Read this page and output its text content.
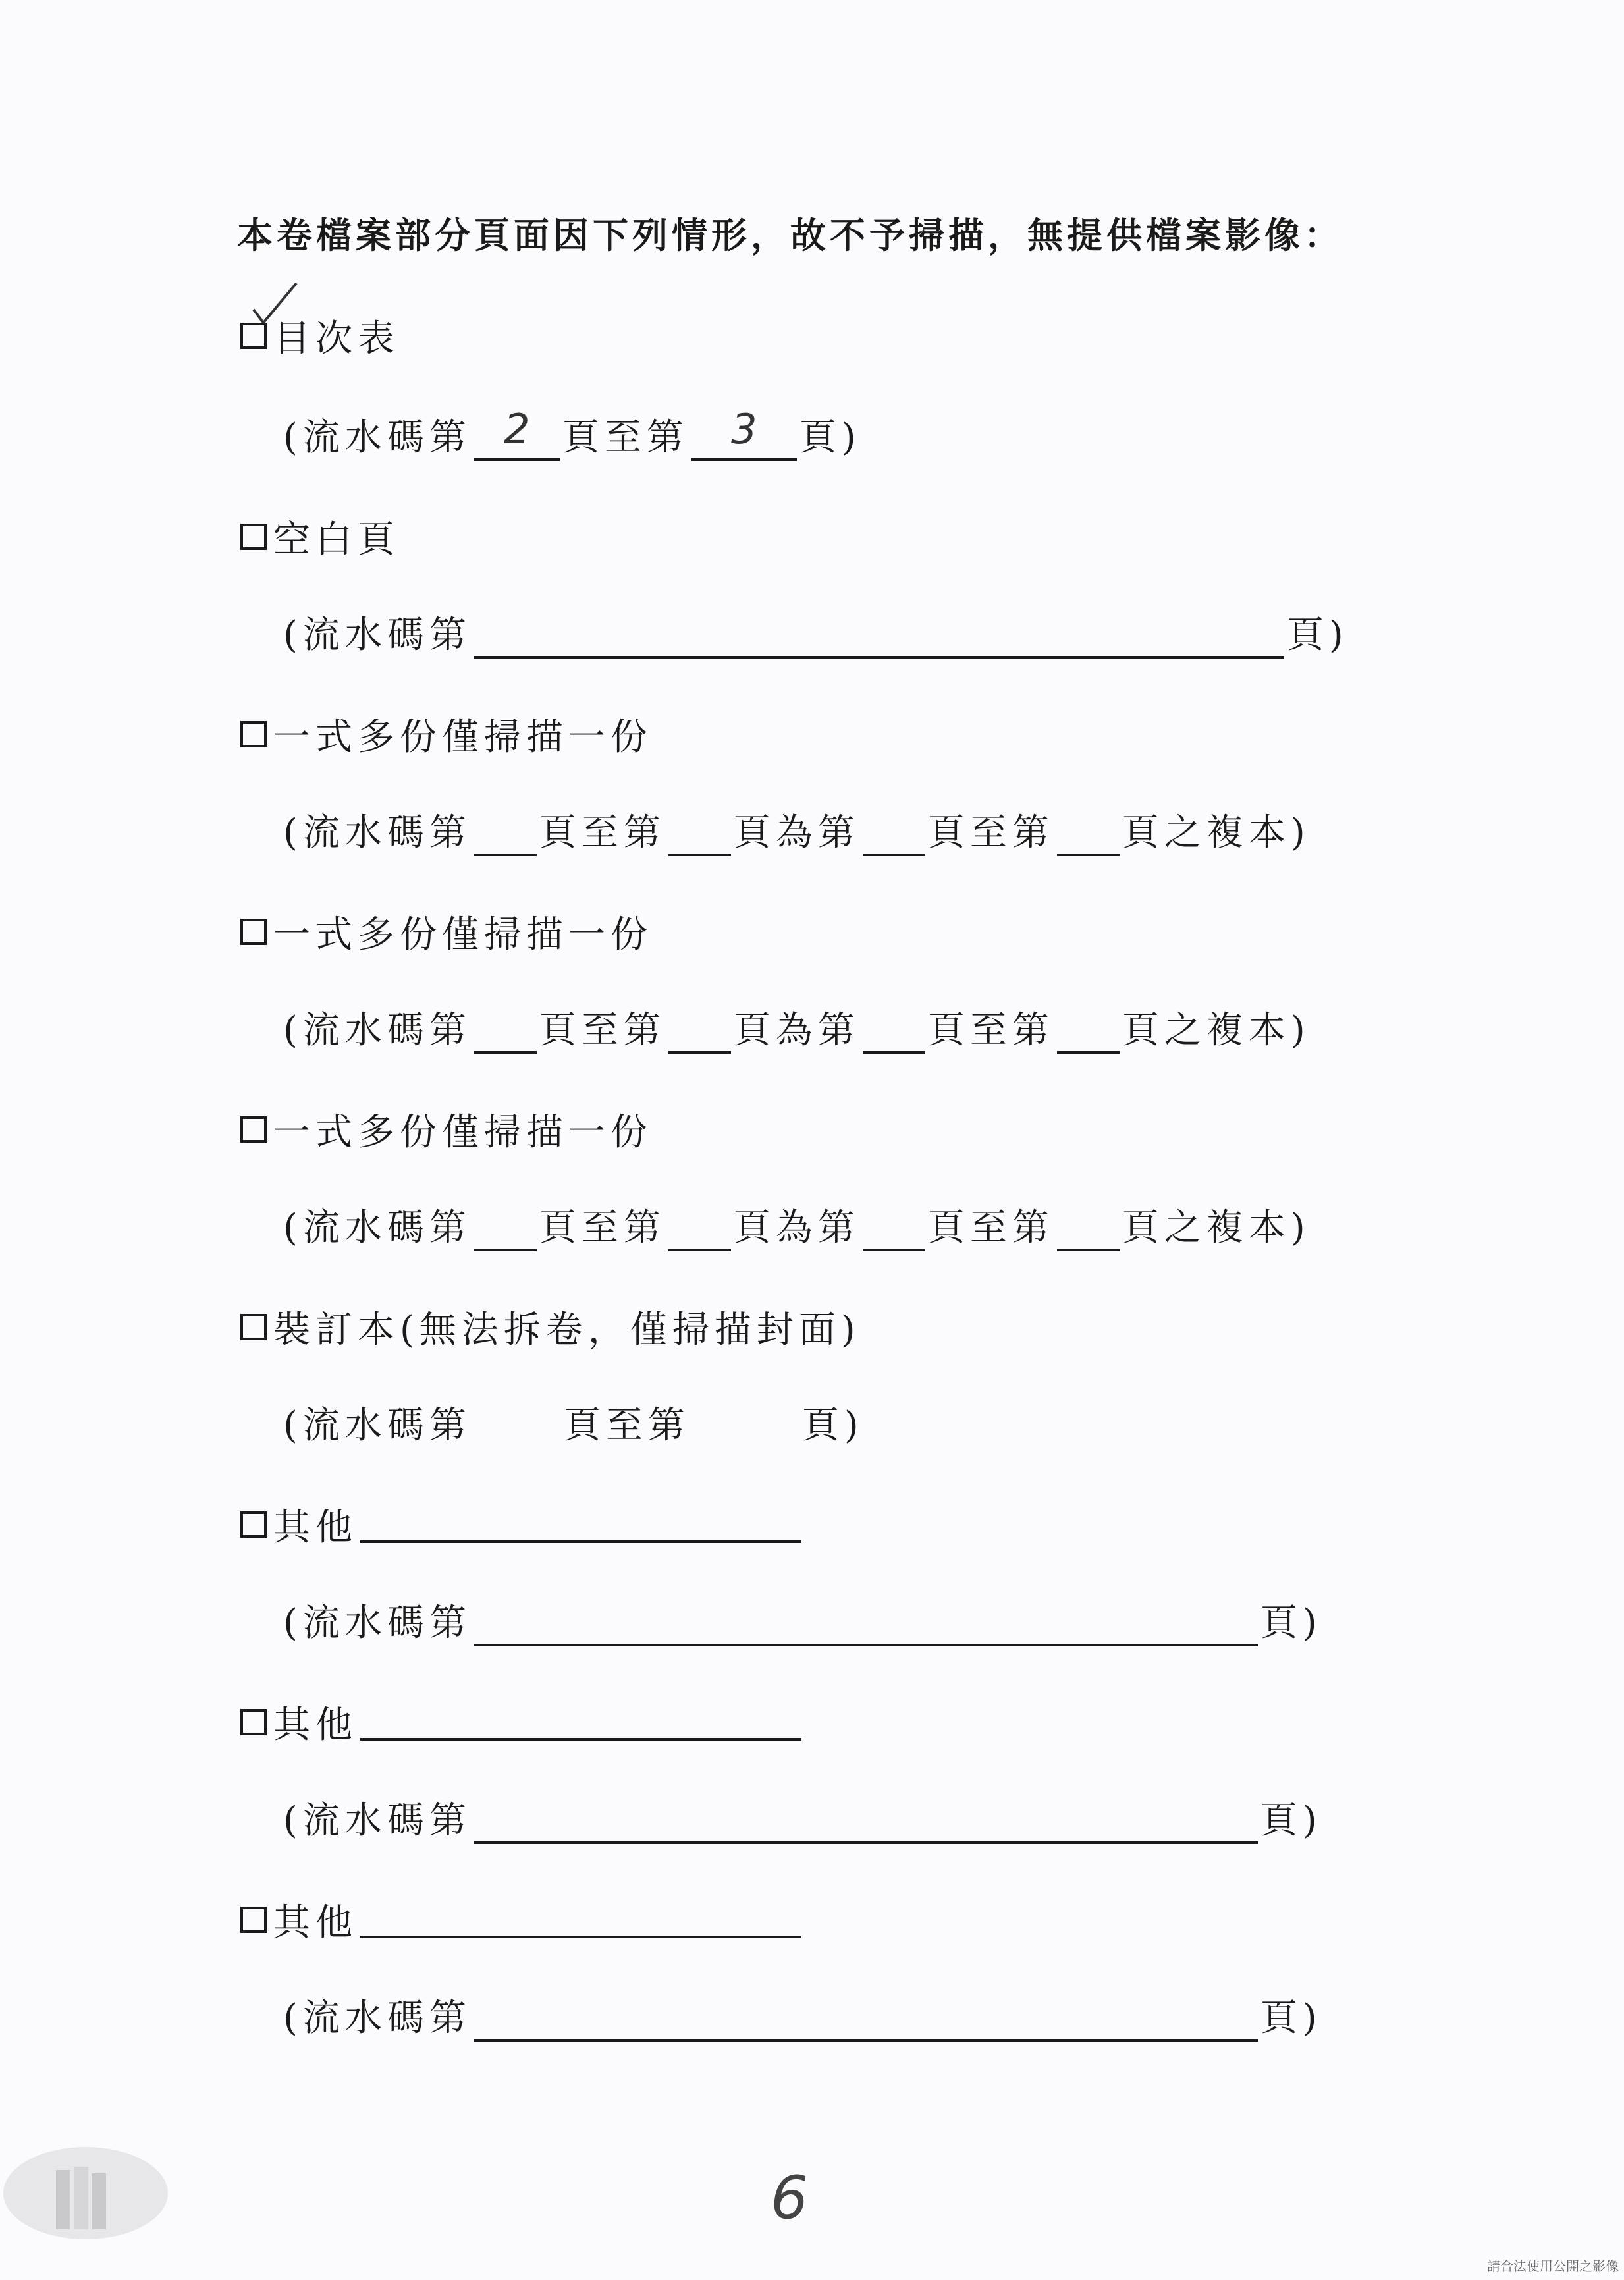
本卷檔案部分頁面因下列情形，故不予掃描，無提供檔案影像：
目次表
(流水碼第 2 頁至第	3	頁)
空白頁
(流水碼第	頁)
一式多份僅掃描一份
(流水碼第 頁至第 頁為第 頁至第 頁之複本)
一式多份僅掃描一份
(流水碼第 頁至第 頁為第 頁至第 頁之複本)
一式多份僅掃描一份
(流水碼第 頁至第 頁為第 頁至第 頁之複本)
裝訂本(無法拆卷，僅掃描封面)
(流水碼第	頁至第	頁)
其他
(流水碼第	頁)
其他
(流水碼第	頁)
其他
(流水碼第	頁)
6
請合法使用公開之影像
